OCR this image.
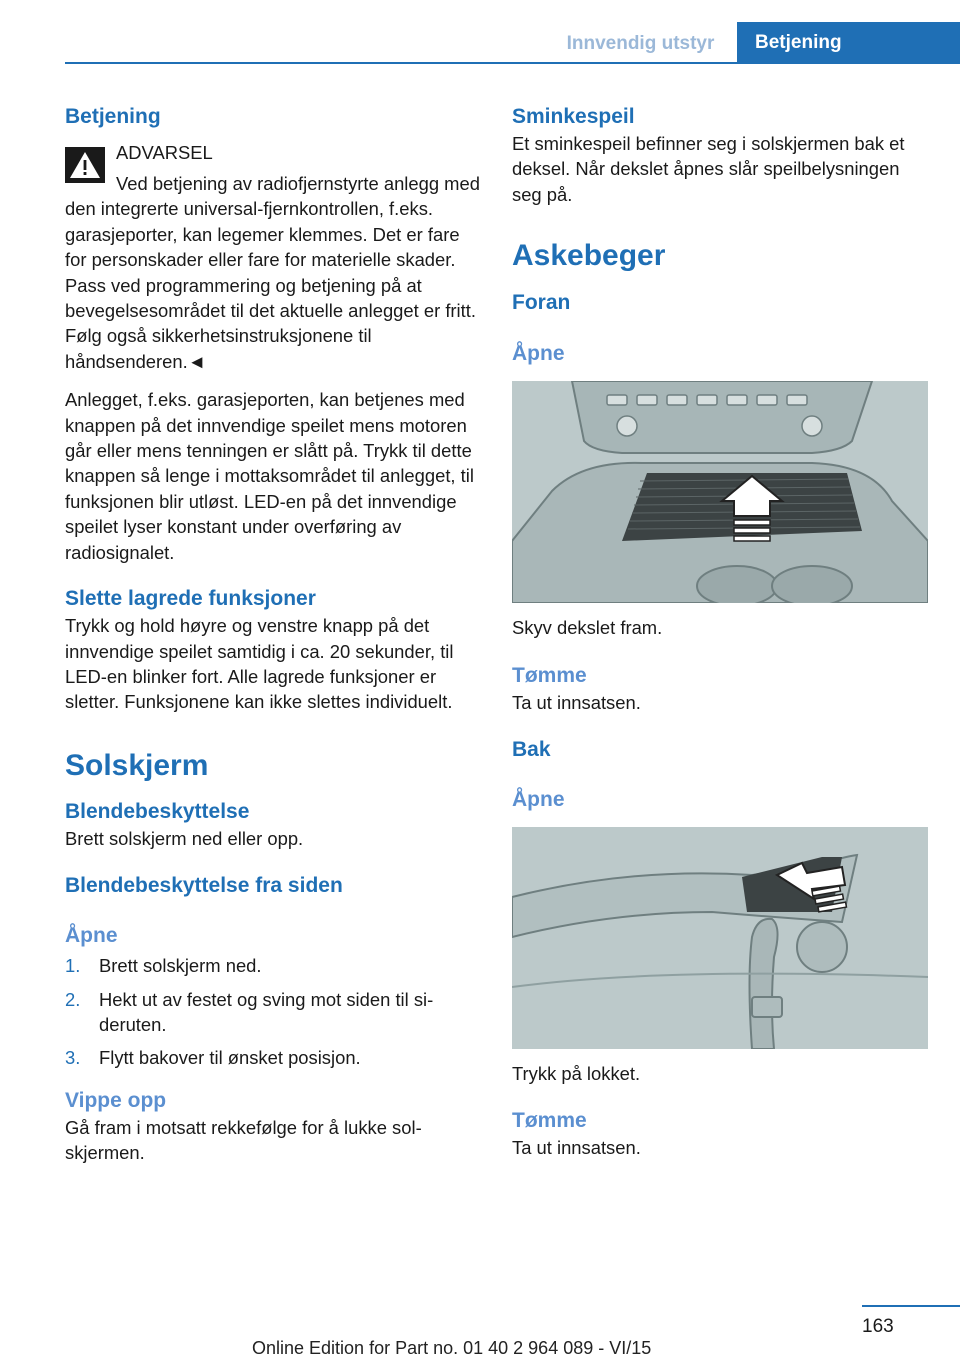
Innvendig utstyr	Betjening
Betjening

ADVARSEL

Ved betjening av radiofjernstyrte anlegg med den integrerte universal-fjernkontrollen, f.eks. garasjeporter, kan legemer klemmes. Det er fare for personskader eller fare for materielle skader. Pass ved programmering og betjening på at bevegelsesområdet til det aktuelle anlegget er fritt. Følg også sikkerhetsinstruksjonene til håndsenderen.◄

Anlegget, f.eks. garasjeporten, kan betjenes med knappen på det innvendige speilet mens motoren går eller mens tenningen er slått på. Trykk til dette knappen så lenge i mottaksområdet til anlegget, til funksjonen blir utløst. LED-en på det innvendige speilet lyser konstant under overføring av radiosignalet.

Slette lagrede funksjoner

Trykk og hold høyre og venstre knapp på det innvendige speilet samtidig i ca. 20 sekunder, til LED-en blinker fort. Alle lagrede funksjoner er sletter. Funksjonene kan ikke slettes individuelt.

Solskjerm
Blendebeskyttelse

Brett solskjerm ned eller opp.

Blendebeskyttelse fra siden
Åpne
1. Brett solskjerm ned.
2. Hekt ut av festet og sving mot siden til sideruten.
3. Flytt bakover til ønsket posisjon.
Vippe opp

Gå fram i motsatt rekkefølge for å lukke solskjermen.

Sminkespeil

Et sminkespeil befinner seg i solskjermen bak et deksel. Når dekslet åpnes slår speilbelysningen seg på.

Askebeger
Foran
Åpne

Skyv dekslet fram.

Tømme

Ta ut innsatsen.

Bak
Åpne

Trykk på lokket.

Tømme

Ta ut innsatsen.

163
Online Edition for Part no. 01 40 2 964 089 - VI/15
